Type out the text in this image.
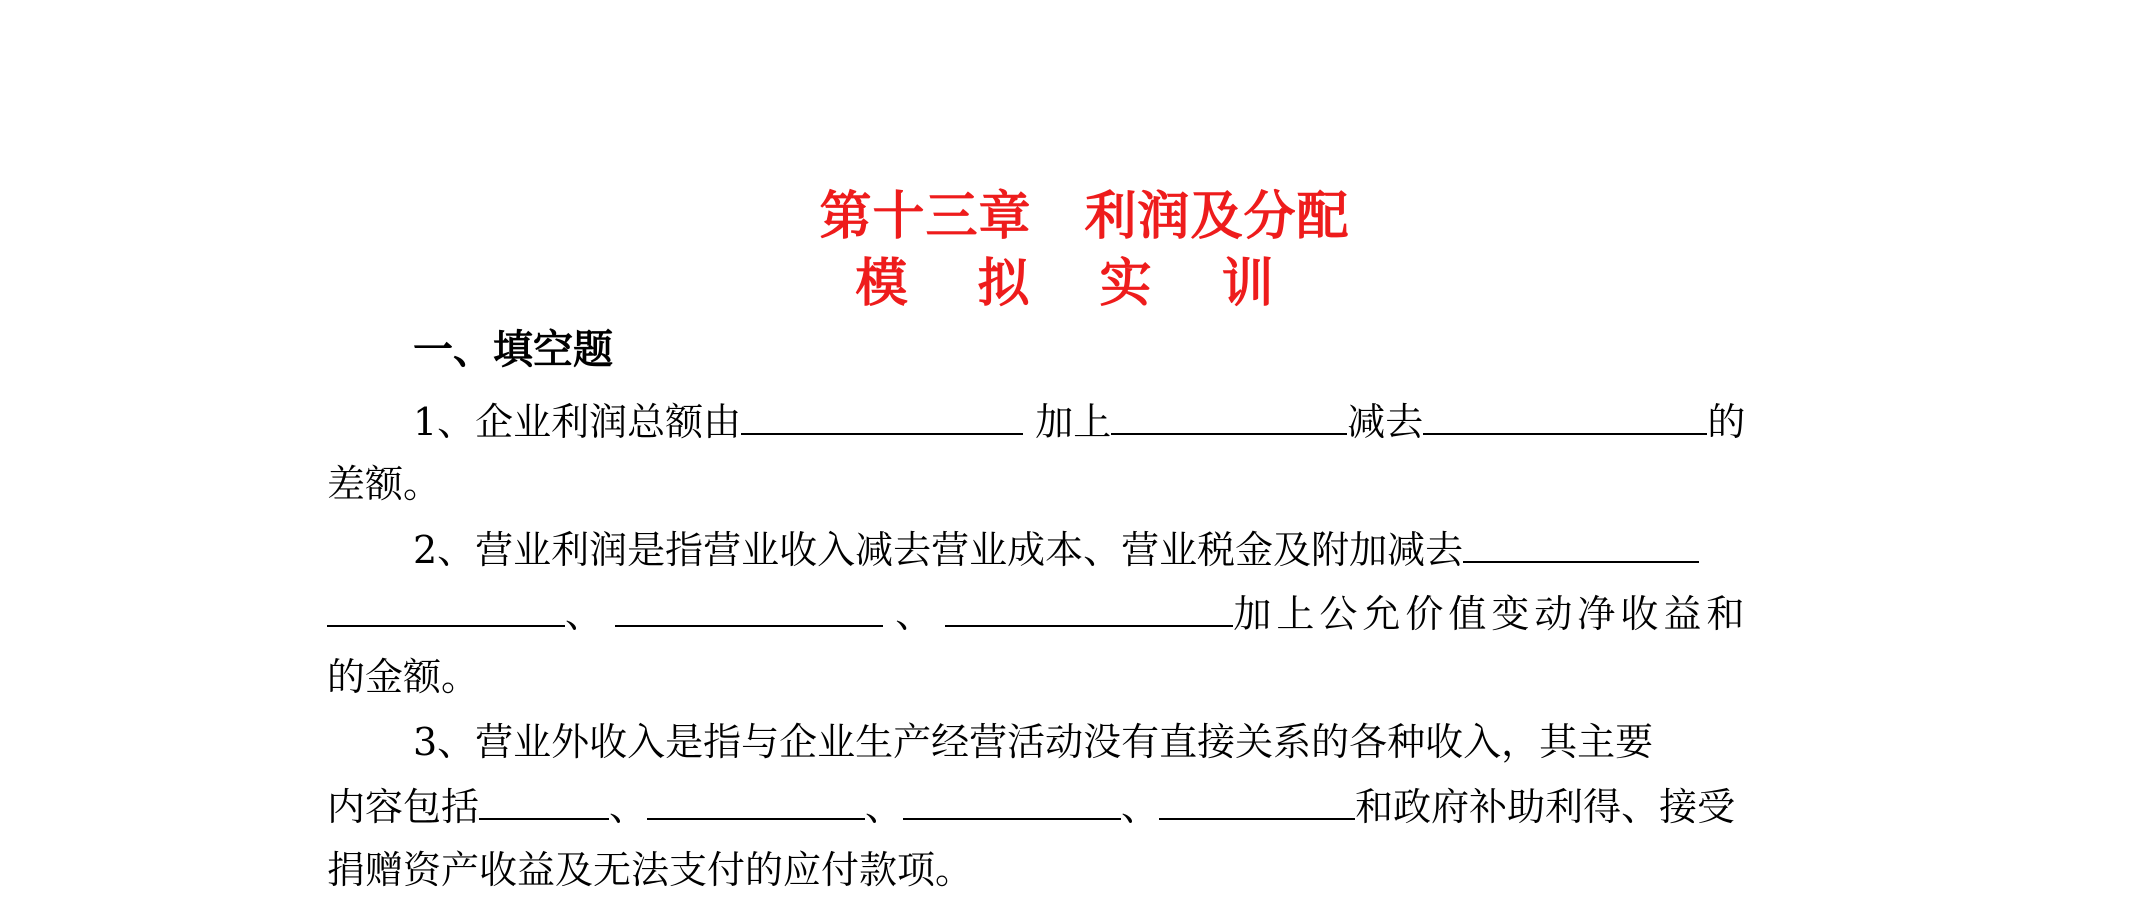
第十三章　利润及分配
模 拟 实 训
一、填空题
1、企业利润总额由	加上	减去	的
差额。
2、营业利润是指营业收入减去营业成本、营业税金及附加减去
、	、	加上公允价值变动净收益和
的金额。
3、营业外收入是指与企业生产经营活动没有直接关系的各种收入，其主要
内容包括	、	、	、	和政府补助利得、接受
捐赠资产收益及无法支付的应付款项。
